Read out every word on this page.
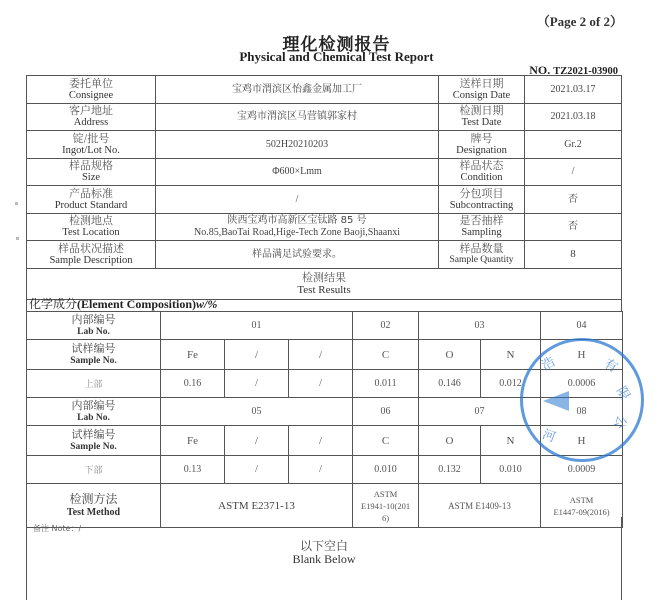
（Page 2 of 2）
理化检测报告
Physical and Chemical Test Report
NO. TZ2021-03900
委托单位
Consignee	宝鸡市渭滨区怡鑫金属加工厂	送样日期
Consign Date	2021.03.17

客户地址
Address	宝鸡市渭滨区马营镇郭家村	检测日期
Test Date	2021.03.18

锭/批号
Ingot/Lot No.	502H20210203	牌号
Designation	Gr.2

样品规格
Size	Φ600×Lmm	样品状态
Condition	/

产品标准
Product Standard	/	分包项目
Subcontracting	否

检测地点
Test Location	陕西宝鸡市高新区宝钛路 85 号
No.85,BaoTai Road,Hige-Tech Zone Baoji,Shaanxi	是否抽样
Sampling	否

样品状况描述
Sample Description	样品满足试验要求。	样品数量
Sample Quantity	8

检测结果
Test Results			
化学成分(Element Composition)w/%
内部编号
Lab No.	01			02	03		04

试样编号
Sample No.	Fe	/	/	C	O	N	H
上部	0.16	/	/	0.011	0.146	0.012	0.0006

内部编号
Lab No.	05			06	07		08

试样编号
Sample No.	Fe	/	/	C	O	N	H
下部	0.13	/	/	0.010	0.132	0.010	0.0009

检测方法
Test Method	ASTM E2371-13			ASTM
E1941-10(201
6)	ASTM E1409-13		ASTM
E1447-09(2016)
备注 Note：/
以下空白
Blank Below
浩	有
限
公
河
